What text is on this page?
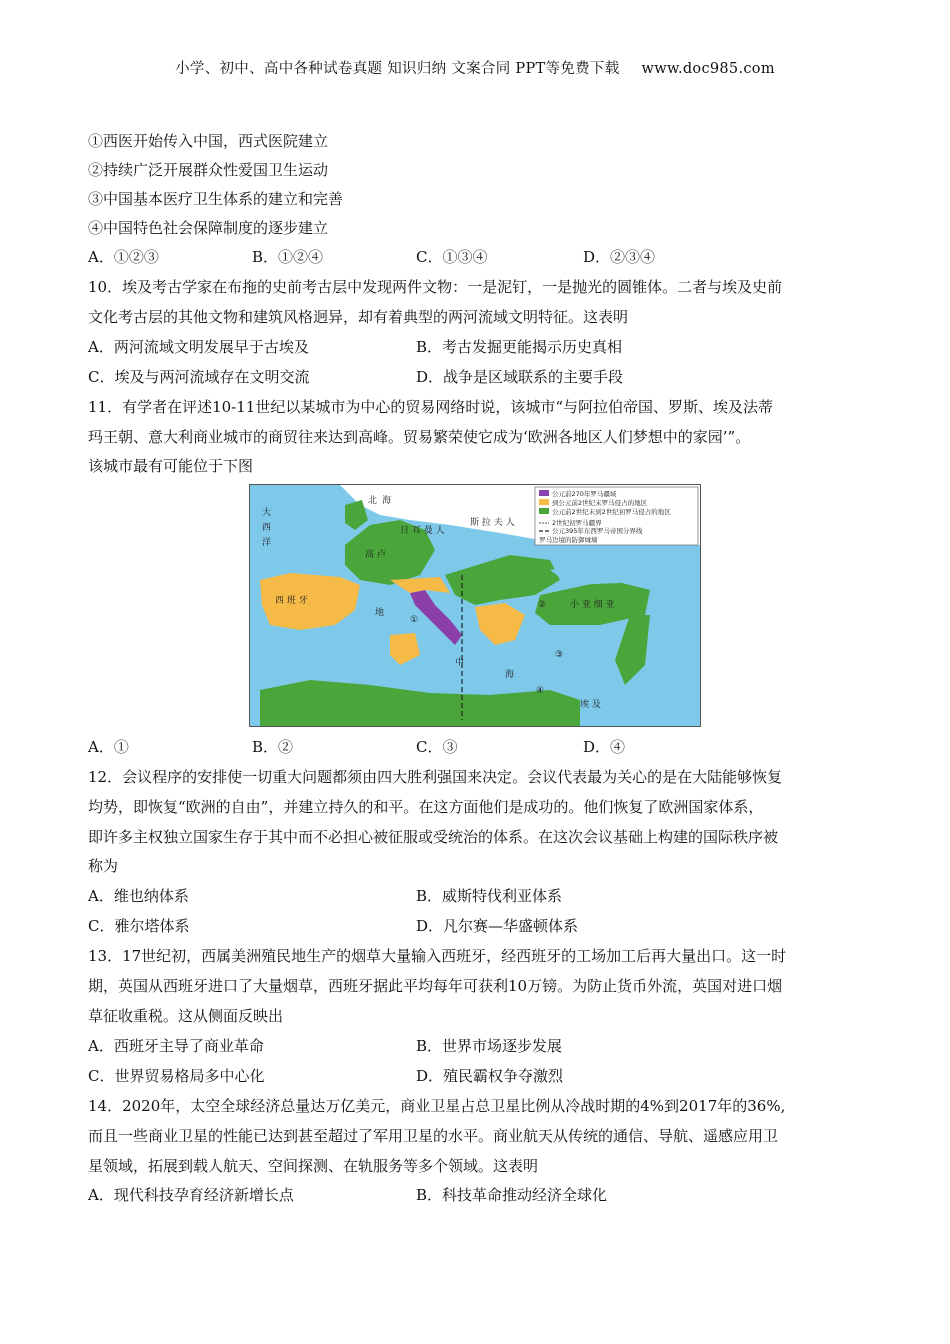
小学、初中、高中各种试卷真题 知识归纳 文案合同 PPT等免费下载 www.doc985.com
①西医开始传入中国，西式医院建立
②持续广泛开展群众性爱国卫生运动
③中国基本医疗卫生体系的建立和完善
④中国特色社会保障制度的逐步建立
A．①②③	B．①②④	C．①③④	D．②③④
10．埃及考古学家在布拖的史前考古层中发现两件文物：一是泥钉，一是抛光的圆锥体。二者与埃及史前
文化考古层的其他文物和建筑风格迥异，却有着典型的两河流域文明特征。这表明
A．两河流域文明发展早于古埃及	B．考古发掘更能揭示历史真相
C．埃及与两河流域存在文明交流	D．战争是区域联系的主要手段
11．有学者在评述10-11世纪以某城市为中心的贸易网络时说，该城市“与阿拉伯帝国、罗斯、埃及法蒂
玛王朝、意大利商业城市的商贸往来达到高峰。贸易繁荣使它成为‘欧洲各地区人们梦想中的家园’”。
该城市最有可能位于下图
公元前270年罗马疆域
到公元前2世纪末罗马侵占的地区
公元前2世纪末到2世纪初罗马侵占的地区
2世纪初罗马疆界
公元395年东西罗马帝国分界线
罗马边境的防御城墙
大
西
洋
北 海
日 耳 曼 人
斯 拉 夫 人
高 卢
西 班 牙
地
中
海
小 亚 细 亚
埃 及
①
②
③
④
A．①	B．②	C．③	D．④
12．会议程序的安排使一切重大问题都须由四大胜利强国来决定。会议代表最为关心的是在大陆能够恢复
均势，即恢复“欧洲的自由”，并建立持久的和平。在这方面他们是成功的。他们恢复了欧洲国家体系，
即许多主权独立国家生存于其中而不必担心被征服或受统治的体系。在这次会议基础上构建的国际秩序被
称为
A．维也纳体系	B．威斯特伐利亚体系
C．雅尔塔体系	D．凡尔赛—华盛顿体系
13．17世纪初，西属美洲殖民地生产的烟草大量输入西班牙，经西班牙的工场加工后再大量出口。这一时
期，英国从西班牙进口了大量烟草，西班牙据此平均每年可获利10万镑。为防止货币外流，英国对进口烟
草征收重税。这从侧面反映出
A．西班牙主导了商业革命	B．世界市场逐步发展
C．世界贸易格局多中心化	D．殖民霸权争夺激烈
14．2020年，太空全球经济总量达万亿美元，商业卫星占总卫星比例从冷战时期的4%到2017年的36%,
而且一些商业卫星的性能已达到甚至超过了军用卫星的水平。商业航天从传统的通信、导航、遥感应用卫
星领域，拓展到载人航天、空间探测、在轨服务等多个领域。这表明
A．现代科技孕育经济新增长点	B．科技革命推动经济全球化
